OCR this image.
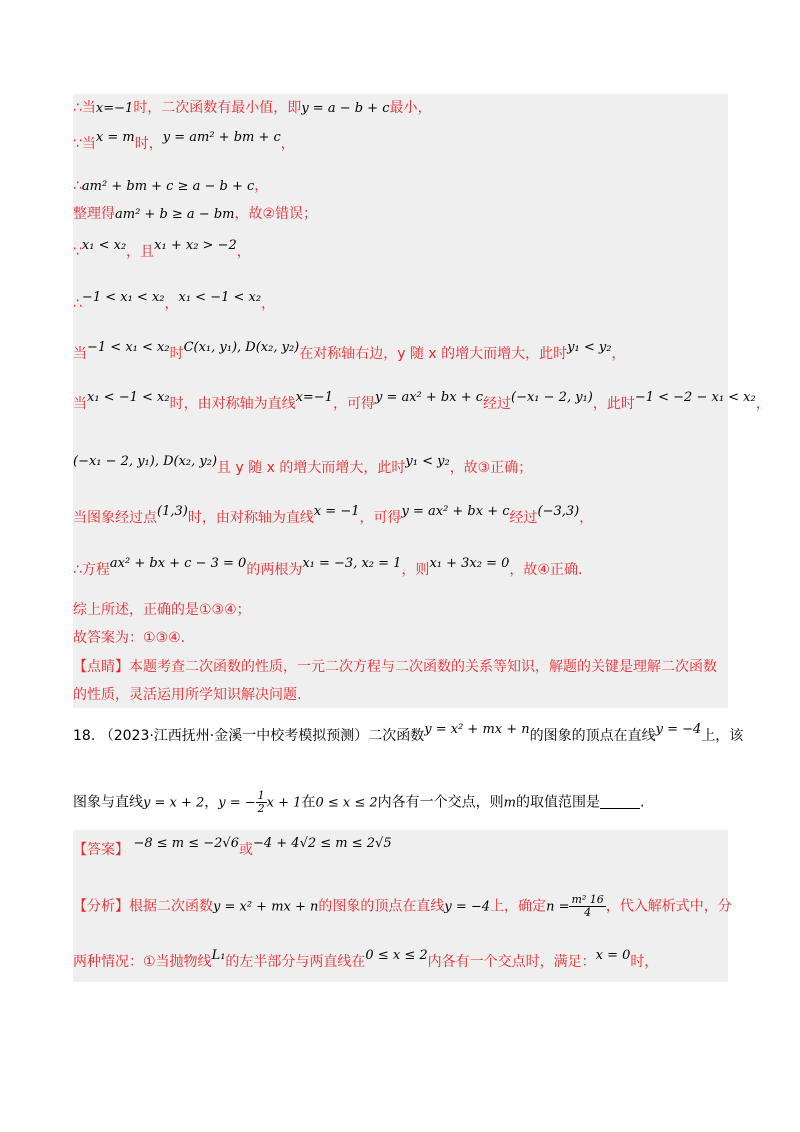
∴当x=−1时，二次函数有最小值，即y = a − b + c最小，
∵当x = m时，y = am² + bm + c，
∴am² + bm + c ≥ a − b + c，
整理得am² + b ≥ a − bm，故②错误；
∵x₁ < x₂，且x₁ + x₂ > −2，
∴−1 < x₁ < x₂，x₁ < −1 < x₂，
当−1 < x₁ < x₂时C(x₁, y₁), D(x₂, y₂)在对称轴右边，y 随 x 的增大而增大，此时y₁ < y₂，
当x₁ < −1 < x₂时，由对称轴为直线x=−1，可得y = ax² + bx + c经过(−x₁ − 2, y₁)，此时−1 < −2 − x₁ < x₂，
(−x₁ − 2, y₁), D(x₂, y₂)且 y 随 x 的增大而增大，此时y₁ < y₂，故③正确；
当图象经过点(1,3)时，由对称轴为直线x = −1，可得y = ax² + bx + c经过(−3,3)，
∴方程ax² + bx + c − 3 = 0的两根为x₁ = −3, x₂ = 1，则x₁ + 3x₂ = 0，故④正确.
综上所述，正确的是①③④；
故答案为：①③④.
【点睛】本题考查二次函数的性质，一元二次方程与二次函数的关系等知识，解题的关键是理解二次函数
的性质，灵活运用所学知识解决问题.
18. （2023·江西抚州·金溪一中校考模拟预测）二次函数y = x² + mx + n的图象的顶点在直线y = −4上，该
图象与直线y = x + 2，y = − $\frac{1}{2}$ x + 1在0 ≤ x ≤ 2内各有一个交点，则m的取值范围是	.
【答案】 −8 ≤ m ≤ −2√6或−4 + 4√2 ≤ m ≤ 2√5
【分析】根据二次函数y = x² + mx + n的图象的顶点在直线y = −4上，确定$n = \frac{\text{m² 16}}{4}$ ，代入解析式中，分
两种情况：①当抛物线L₁的左半部分与两直线在0 ≤ x ≤ 2内各有一个交点时，满足：x = 0时，
